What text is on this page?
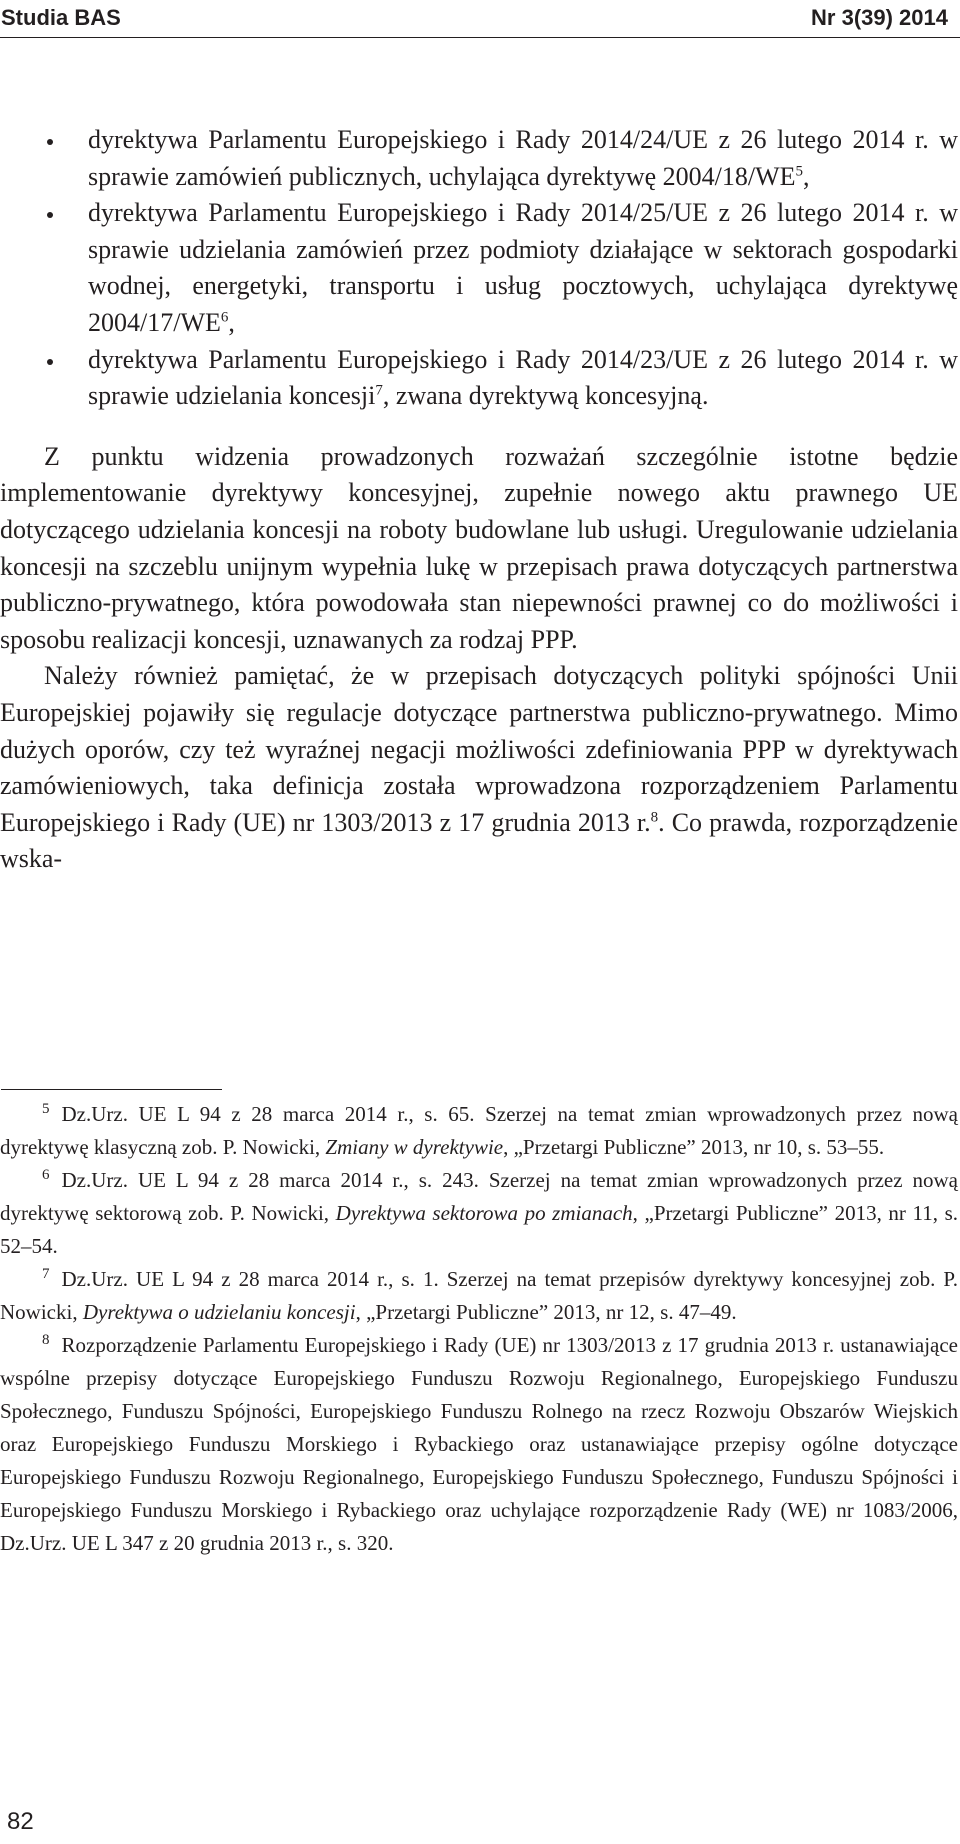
Studia BAS	Nr 3(39) 2014
dyrektywa Parlamentu Europejskiego i Rady 2014/24/UE z 26 lutego 2014 r. w sprawie zamówień publicznych, uchylająca dyrektywę $2004/18/WE^5$,
dyrektywa Parlamentu Europejskiego i Rady 2014/25/UE z 26 lutego 2014 r. w sprawie udzielania zamówień przez podmioty działające w sektorach gospodarki wodnej, energetyki, transportu i usług pocztowych, uchylająca dyrektywę $2004/17/WE^6$,
dyrektywa Parlamentu Europejskiego i Rady 2014/23/UE z 26 lutego 2014 r. w sprawie udzielania koncesji$^7$, zwana dyrektywą koncesyjną.

Z punktu widzenia prowadzonych rozważań szczególnie istotne będzie implementowanie dyrektywy koncesyjnej, zupełnie nowego aktu prawnego UE dotyczącego udzielania koncesji na roboty budowlane lub usługi. Uregulowanie udzielania koncesji na szczeblu unijnym wypełnia lukę w przepisach prawa dotyczących partnerstwa publiczno-prywatnego, która powodowała stan niepewności prawnej co do możliwości i sposobu realizacji koncesji, uznawanych za rodzaj PPP.

Należy również pamiętać, że w przepisach dotyczących polityki spójności Unii Europejskiej pojawiły się regulacje dotyczące partnerstwa publiczno-prywatnego. Mimo dużych oporów, czy też wyraźnej negacji możliwości zdefiniowania PPP w dyrektywach zamówieniowych, taka definicja została wprowadzona rozporządzeniem Parlamentu Europejskiego i Rady (UE) nr 1303/2013 z 17 grudnia 2013 r.$^8$. Co prawda, rozporządzenie wska-

$^5$ Dz.Urz. UE L 94 z 28 marca 2014 r., s. 65. Szerzej na temat zmian wprowadzonych przez nową dyrektywę klasyczną zob. P. Nowicki, Zmiany w dyrektywie, „Przetargi Publiczne” 2013, nr 10, s. 53–55.

$^6$ Dz.Urz. UE L 94 z 28 marca 2014 r., s. 243. Szerzej na temat zmian wprowadzonych przez nową dyrektywę sektorową zob. P. Nowicki, Dyrektywa sektorowa po zmianach, „Przetargi Publiczne” 2013, nr 11, s. 52–54.

$^7$ Dz.Urz. UE L 94 z 28 marca 2014 r., s. 1. Szerzej na temat przepisów dyrektywy koncesyjnej zob. P. Nowicki, Dyrektywa o udzielaniu koncesji, „Przetargi Publiczne” 2013, nr 12, s. 47–49.

$^8$ Rozporządzenie Parlamentu Europejskiego i Rady (UE) nr 1303/2013 z 17 grudnia 2013 r. ustanawiające wspólne przepisy dotyczące Europejskiego Funduszu Rozwoju Regionalnego, Europejskiego Funduszu Społecznego, Funduszu Spójności, Europejskiego Funduszu Rolnego na rzecz Rozwoju Obszarów Wiejskich oraz Europejskiego Funduszu Morskiego i Rybackiego oraz ustanawiające przepisy ogólne dotyczące Europejskiego Funduszu Rozwoju Regionalnego, Europejskiego Funduszu Społecznego, Funduszu Spójności i Europejskiego Funduszu Morskiego i Rybackiego oraz uchylające rozporządzenie Rady (WE) nr 1083/2006, Dz.Urz. UE L 347 z 20 grudnia 2013 r., s. 320.

82
